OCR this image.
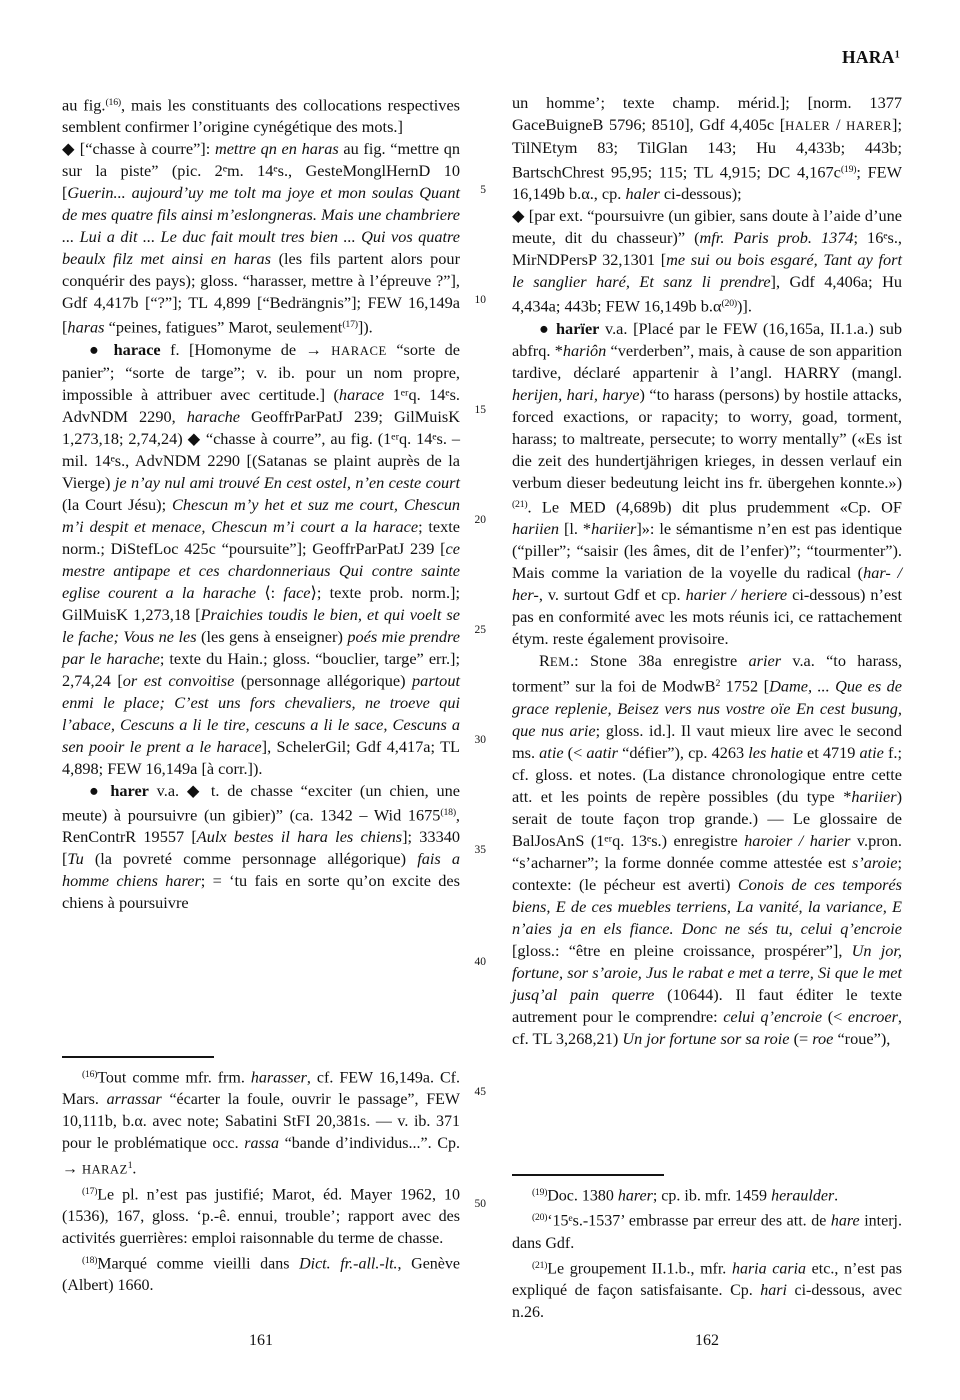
HARA$^1$

au fig.$^{(16)}$, mais les constituants des collocations respectives semblent confirmer l’origine cynégétique des mots.]

◆ [“chasse à courre”]: mettre qn en haras au fig. “mettre qn sur la piste” (pic. 2ᵉm. 14ᵉs., GesteMonglHernD 10 [Guerin... aujourd’uy me tolt ma joye et mon soulas Quant de mes quatre fils ainsi m’eslongneras. Mais une chambriere ... Lui a dit ... Le duc fait moult tres bien ... Qui vos quatre beaulx filz met ainsi en haras (les fils partent alors pour conquérir des pays); gloss. “harasser, mettre à l’épreuve ?”], Gdf 4,417b [“?”]; TL 4,899 [“Bedrängnis”]; FEW 16,149a [haras “peines, fatigues” Marot, seulement$^{(17)}$]).

● harace f. [Homonyme de → HARACE “sorte de panier”; “sorte de targe”; v. ib. pour un nom propre, impossible à attribuer avec certitude.] (harace 1ᵉʳq. 14ᵉs. AdvNDM 2290, harache GeoffrParPatJ 239; GilMuisK 1,273,18; 2,74,24) ◆ “chasse à courre”, au fig. (1ᵉʳq. 14ᵉs. – mil. 14ᵉs., AdvNDM 2290 [(Satanas se plaint auprès de la Vierge) je n’ay nul ami trouvé En cest ostel, n’en ceste court (la Court Jésu); Chescun m’y het et suz me court, Chescun m’i despit et menace, Chescun m’i court a la harace; texte norm.; DiStefLoc 425c “poursuite”]; GeoffrParPatJ 239 [ce mestre antipape et ces chardonneriaus Qui contre sainte eglise courent a la harache ⟨: face⟩; texte prob. norm.]; GilMuisK 1,273,18 [Praichies toudis le bien, et qui voelt se le fache; Vous ne les (les gens à enseigner) poés mie prendre par le harache; texte du Hain.; gloss. “bouclier, targe” err.]; 2,74,24 [or est convoitise (personnage allégorique) partout enmi le place; C’est uns fors chevaliers, ne troeve qui l’abace, Cescuns a li le tire, cescuns a li le sace, Cescuns a sen pooir le prent a le harace], SchelerGil; Gdf 4,417a; TL 4,898; FEW 16,149a [à corr.]).

● harer v.a. ◆ t. de chasse “exciter (un chien, une meute) à poursuivre (un gibier)” (ca. 1342 – Wid 1675$^{(18)}$, RenContrR 19557 [Aulx bestes il hara les chiens]; 33340 [Tu (la povreté comme personnage allégorique) fais a homme chiens harer; = ‘tu fais en sorte qu’on excite des chiens à poursuivre

un homme’; texte champ. mérid.]; [norm. 1377 GaceBuigneB 5796; 8510], Gdf 4,405c [HALER / HARER]; TilNEtym 83; TilGlan 143; Hu 4,433b; 443b; BartschChrest 95,95; 115; TL 4,915; DC $4,167c^{(19)}$; FEW 16,149b b.α., cp. haler ci-dessous);

◆ [par ext. “poursuivre (un gibier, sans doute à l’aide d’une meute, dit du chasseur)” (mfr. Paris prob. 1374; 16ᵉs., MirNDPersP 32,1301 [me sui ou bois esgaré, Tant ay fort le sanglier haré, Et sanz li prendre], Gdf 4,406a; Hu 4,434a; 443b; FEW 16,149b $b.\alpha^{(20)}$)].

● harïer v.a. [Placé par le FEW (16,165a, II.1.a.) sub abfrq. *hariôn “verderben”, mais, à cause de son apparition tardive, déclaré appartenir à l’angl. HARRY (mangl. herijen, hari, harye) “to harass (persons) by hostile attacks, forced exactions, or rapacity; to worry, goad, torment, harass; to maltreate, persecute; to worry mentally” («Es ist die zeit des hundertjährigen krieges, in dessen verlauf ein verbum dieser bedeutung leicht ins fr. übergehen konnte.»)$^{(21)}$. Le MED (4,689b) dit plus prudemment «Cp. OF hariien [l. *hariier]»: le sémantisme n’en est pas identique (“piller”; “saisir (les âmes, dit de l’enfer)”; “tourmenter”). Mais comme la variation de la voyelle du radical (har- / her-, v. surtout Gdf et cp. harier / heriere ci-dessous) n’est pas en conformité avec les mots réunis ici, ce rattachement étym. reste également provisoire.

REM.: Stone 38a enregistre arier v.a. “to harass, torment” sur la foi de ModwB$^2$ 1752 [Dame, ... Que es de grace replenie, Beisez vers nus vostre oïe En cest busung, que nus arie; gloss. id.]. Il vaut mieux lire avec le second ms. atie (< aatir “défier”), cp. 4263 les hatie et 4719 atie f.; cf. gloss. et notes. (La distance chronologique entre cette att. et les points de repère possibles (du type *hariier) serait de toute façon trop grande.) — Le glossaire de BalJosAnS (1ᵉʳq. 13ᵉs.) enregistre haroier / harier v.pron. “s’acharner”; la forme donnée comme attestée est s’aroie; contexte: (le pécheur est averti) Conois de ces temporés biens, E de ces muebles terriens, La vanité, la variance, E n’aies ja en els fiance. Donc ne sés tu, celui q’encroie [gloss.: “être en pleine croissance, prospérer”], Un jor, fortune, sor s’aroie, Jus le rabat e met a terre, Si que le met jusq’al pain querre (10644). Il faut éditer le texte autrement pour le comprendre: celui q’encroie (< encroer, cf. TL 3,268,21) Un jor fortune sor sa roie (= roe “roue”),

5
10
15
20
25
30
35
40
45
50

$^{(16)}$Tout comme mfr. frm. harasser, cf. FEW 16,149a. Cf. Mars. arrassar “écarter la foule, ouvrir le passage”, FEW 10,111b, b.α. avec note; Sabatini StFI 20,381s. — v. ib. 371 pour le problématique occ. rassa “bande d’individus...”. Cp. → $HARAZ^1$.

$^{(17)}$Le pl. n’est pas justifié; Marot, éd. Mayer 1962, 10 (1536), 167, gloss. ‘p.-ê. ennui, trouble’; rapport avec des activités guerrières: emploi raisonnable du terme de chasse.

$^{(18)}$Marqué comme vieilli dans Dict. fr.-all.-lt., Genève (Albert) 1660.

$^{(19)}$Doc. 1380 harer; cp. ib. mfr. 1459 heraulder.

$^{(20)}$‘15ᵉs.-1537’ embrasse par erreur des att. de hare interj. dans Gdf.

$^{(21)}$Le groupement II.1.b., mfr. haria caria etc., n’est pas expliqué de façon satisfaisante. Cp. hari ci-dessous, avec n.26.

161	162
